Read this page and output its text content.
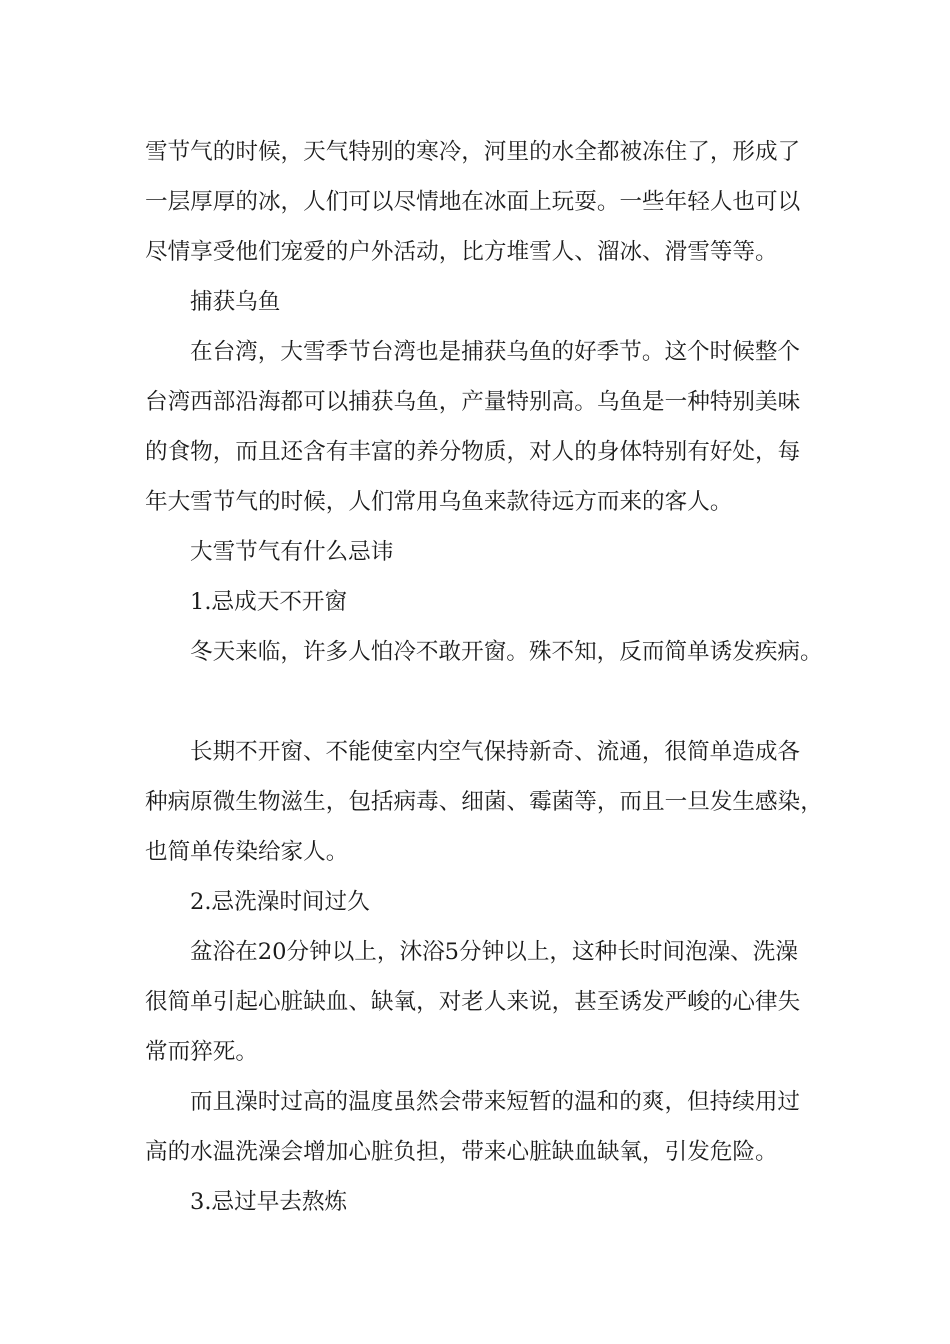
雪节气的时候，天气特别的寒冷，河里的水全都被冻住了，形成了
一层厚厚的冰，人们可以尽情地在冰面上玩耍。一些年轻人也可以
尽情享受他们宠爱的户外活动，比方堆雪人、溜冰、滑雪等等。
捕获乌鱼
在台湾，大雪季节台湾也是捕获乌鱼的好季节。这个时候整个
台湾西部沿海都可以捕获乌鱼，产量特别高。乌鱼是一种特别美味
的食物，而且还含有丰富的养分物质，对人的身体特别有好处，每
年大雪节气的时候，人们常用乌鱼来款待远方而来的客人。
大雪节气有什么忌讳
1.忌成天不开窗
冬天来临，许多人怕冷不敢开窗。殊不知，反而简单诱发疾病。
长期不开窗、不能使室内空气保持新奇、流通，很简单造成各
种病原微生物滋生，包括病毒、细菌、霉菌等，而且一旦发生感染，
也简单传染给家人。
2.忌洗澡时间过久
盆浴在20分钟以上，沐浴5分钟以上，这种长时间泡澡、洗澡
很简单引起心脏缺血、缺氧，对老人来说，甚至诱发严峻的心律失
常而猝死。
而且澡时过高的温度虽然会带来短暂的温和的爽，但持续用过
高的水温洗澡会增加心脏负担，带来心脏缺血缺氧，引发危险。
3.忌过早去熬炼
